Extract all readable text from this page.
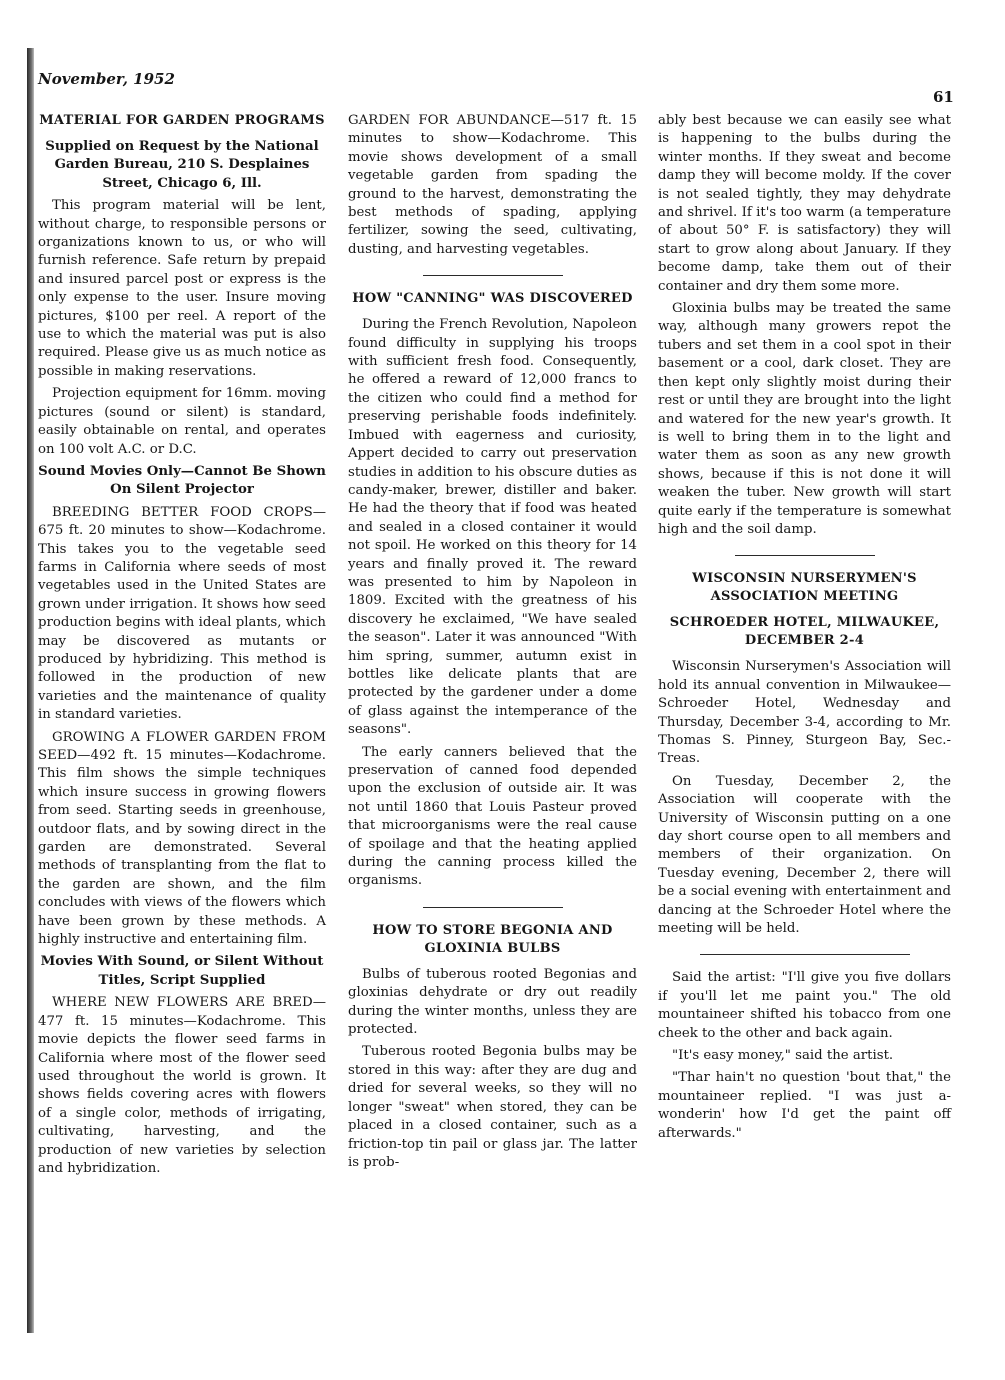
November, 1952
61
MATERIAL FOR GARDEN PROGRAMS

Supplied on Request by the National Garden Bureau, 210 S. Desplaines Street, Chicago 6, Ill.

This program material will be lent, without charge, to responsible persons or organizations known to us, or who will furnish reference. Safe return by prepaid and insured parcel post or express is the only expense to the user. Insure moving pictures, $100 per reel. A report of the use to which the material was put is also required. Please give us as much notice as possible in making reservations.

Projection equipment for 16mm. moving pictures (sound or silent) is standard, easily obtainable on rental, and operates on 100 volt A.C. or D.C.

Sound Movies Only—Cannot Be Shown On Silent Projector

BREEDING BETTER FOOD CROPS—675 ft. 20 minutes to show—Kodachrome. This takes you to the vegetable seed farms in California where seeds of most vegetables used in the United States are grown under irrigation. It shows how seed production begins with ideal plants, which may be discovered as mutants or produced by hybridizing. This method is followed in the production of new varieties and the maintenance of quality in standard varieties.

GROWING A FLOWER GARDEN FROM SEED—492 ft. 15 minutes—Kodachrome. This film shows the simple techniques which insure success in growing flowers from seed. Starting seeds in greenhouse, outdoor flats, and by sowing direct in the garden are demonstrated. Several methods of transplanting from the flat to the garden are shown, and the film concludes with views of the flowers which have been grown by these methods. A highly instructive and entertaining film.

Movies With Sound, or Silent Without Titles, Script Supplied

WHERE NEW FLOWERS ARE BRED—477 ft. 15 minutes—Kodachrome. This movie depicts the flower seed farms in California where most of the flower seed used throughout the world is grown. It shows fields covering acres with flowers of a single color, methods of irrigating, cultivating, harvesting, and the production of new varieties by selection and hybridization.

GARDEN FOR ABUNDANCE—517 ft. 15 minutes to show—Kodachrome. This movie shows development of a small vegetable garden from spading the ground to the harvest, demonstrating the best methods of spading, applying fertilizer, sowing the seed, cultivating, dusting, and harvesting vegetables.

HOW "CANNING" WAS DISCOVERED

During the French Revolution, Napoleon found difficulty in supplying his troops with sufficient fresh food. Consequently, he offered a reward of 12,000 francs to the citizen who could find a method for preserving perishable foods indefinitely. Imbued with eagerness and curiosity, Appert decided to carry out preservation studies in addition to his obscure duties as candy-maker, brewer, distiller and baker. He had the theory that if food was heated and sealed in a closed container it would not spoil. He worked on this theory for 14 years and finally proved it. The reward was presented to him by Napoleon in 1809. Excited with the greatness of his discovery he exclaimed, "We have sealed the season". Later it was announced "With him spring, summer, autumn exist in bottles like delicate plants that are protected by the gardener under a dome of glass against the intemperance of the seasons".

The early canners believed that the preservation of canned food depended upon the exclusion of outside air. It was not until 1860 that Louis Pasteur proved that microorganisms were the real cause of spoilage and that the heating applied during the canning process killed the organisms.

HOW TO STORE BEGONIA AND GLOXINIA BULBS

Bulbs of tuberous rooted Begonias and gloxinias dehydrate or dry out readily during the winter months, unless they are protected.

Tuberous rooted Begonia bulbs may be stored in this way: after they are dug and dried for several weeks, so they will no longer "sweat" when stored, they can be placed in a closed container, such as a friction-top tin pail or glass jar. The latter is prob-

ably best because we can easily see what is happening to the bulbs during the winter months. If they sweat and become damp they will become moldy. If the cover is not sealed tightly, they may dehydrate and shrivel. If it's too warm (a temperature of about 50° F. is satisfactory) they will start to grow along about January. If they become damp, take them out of their container and dry them some more.

Gloxinia bulbs may be treated the same way, although many growers repot the tubers and set them in a cool spot in their basement or a cool, dark closet. They are then kept only slightly moist during their rest or until they are brought into the light and watered for the new year's growth. It is well to bring them in to the light and water them as soon as any new growth shows, because if this is not done it will weaken the tuber. New growth will start quite early if the temperature is somewhat high and the soil damp.

WISCONSIN NURSERYMEN'S ASSOCIATION MEETING
SCHROEDER HOTEL, MILWAUKEE, DECEMBER 2-4

Wisconsin Nurserymen's Association will hold its annual convention in Milwaukee—Schroeder Hotel, Wednesday and Thursday, December 3-4, according to Mr. Thomas S. Pinney, Sturgeon Bay, Sec.-Treas.

On Tuesday, December 2, the Association will cooperate with the University of Wisconsin putting on a one day short course open to all members and members of their organization. On Tuesday evening, December 2, there will be a social evening with entertainment and dancing at the Schroeder Hotel where the meeting will be held.

Said the artist: "I'll give you five dollars if you'll let me paint you." The old mountaineer shifted his tobacco from one cheek to the other and back again.

"It's easy money," said the artist.

"Thar hain't no question 'bout that," the mountaineer replied. "I was just a-wonderin' how I'd get the paint off afterwards."
